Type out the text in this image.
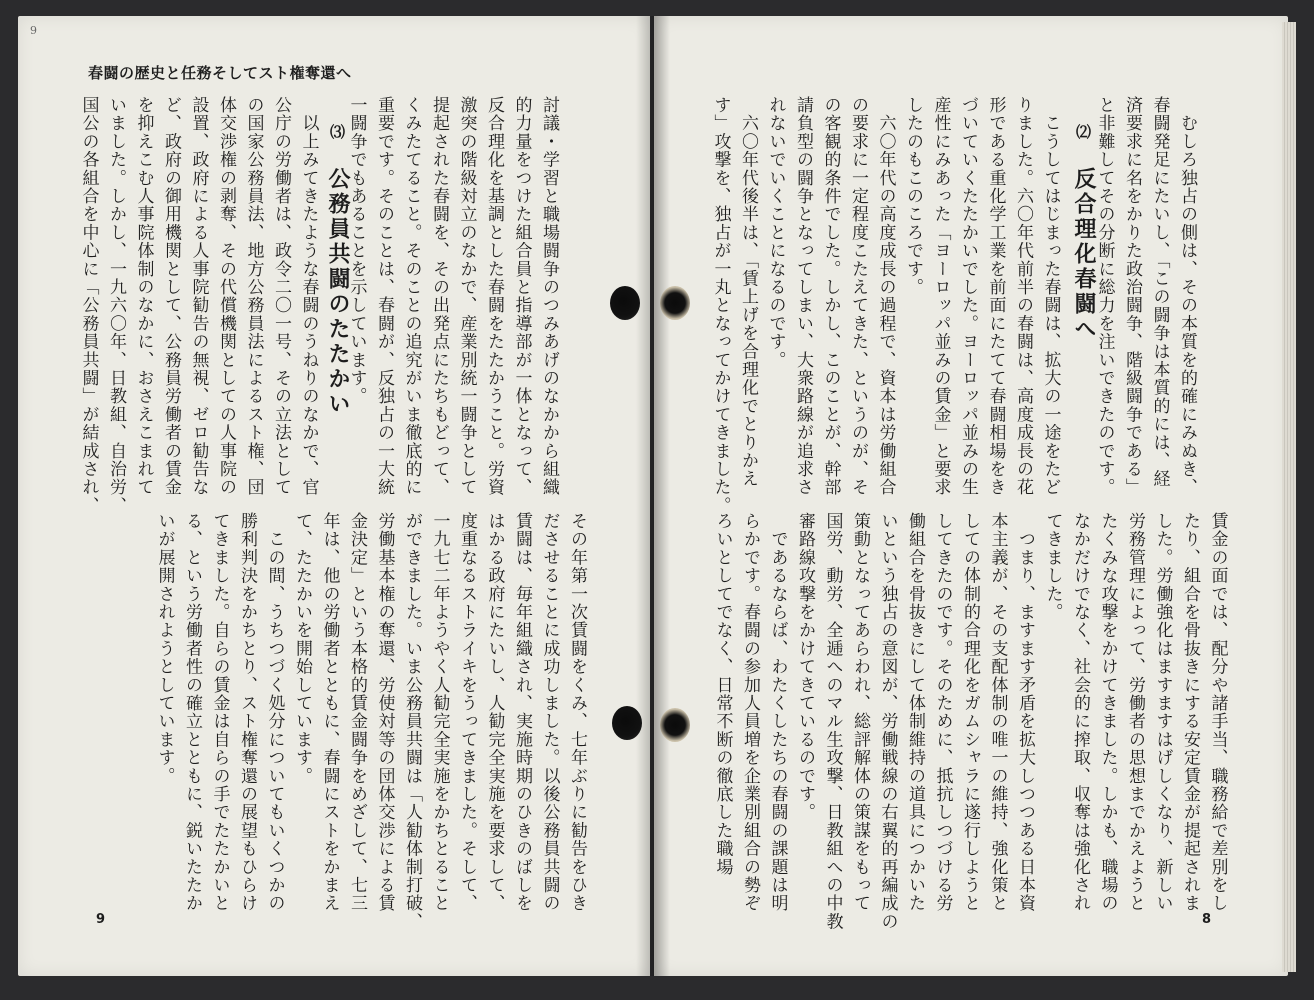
9
春闘の歴史と任務そしてスト権奪還へ
討議・学習と職場闘争のつみあげのなかから組織
的力量をつけた組合員と指導部が一体となって、
反合理化を基調とした春闘をたたかうこと。労資
激突の階級対立のなかで、産業別統一闘争として
提起された春闘を、その出発点にたちもどって、
くみたてること。そのことの追究がいま徹底的に
重要です。そのことは、春闘が、反独占の一大統
一闘争でもあることを示しています。
⑶　公務員共闘のたたかい
　以上みてきたような春闘のうねりのなかで、官
公庁の労働者は、政令二〇一号、その立法として
の国家公務員法、地方公務員法によるスト権、団
体交渉権の剥奪、その代償機関としての人事院の
設置、政府による人事院勧告の無視、ゼロ勧告な
ど、政府の御用機関として、公務員労働者の賃金
を抑えこむ人事院体制のなかに、おさえこまれて
いました。しかし、一九六〇年、日教組、自治労、
国公の各組合を中心に「公務員共闘」が結成され、
その年第一次賃闘をくみ、七年ぶりに勧告をひき
ださせることに成功しました。以後公務員共闘の
賃闘は、毎年組織され、実施時期のひきのばしを
はかる政府にたいし、人勧完全実施を要求して、
度重なるストライキをうってきました。そして、
一九七二年ようやく人勧完全実施をかちとること
ができました。いま公務員共闘は「人勧体制打破、
労働基本権の奪還、労使対等の団体交渉による賃
金決定」という本格的賃金闘争をめざして、七三
年は、他の労働者とともに、春闘にストをかまえ
て、たたかいを開始しています。
　この間、うちつづく処分についてもいくつかの
勝利判決をかちとり、スト権奪還の展望もひらけ
てきました。自らの賃金は自らの手でたたかいと
る、という労働者性の確立とともに、鋭いたたか
いが展開されようとしています。
9
　むしろ独占の側は、その本質を的確にみぬき、
春闘発足にたいし、「この闘争は本質的には、経
済要求に名をかりた政治闘争、階級闘争である」
と非難してその分断に総力を注いできたのです。
⑵　反合理化春闘へ
　こうしてはじまった春闘は、拡大の一途をたど
りました。六〇年代前半の春闘は、高度成長の花
形である重化学工業を前面にたてて春闘相場をき
づいていくたたかいでした。ヨーロッパ並みの生
産性にみあった「ヨーロッパ並みの賃金」と要求
したのもこのころです。
　六〇年代の高度成長の過程で、資本は労働組合
の要求に一定程度こたえてきた、というのが、そ
の客観的条件でした。しかし、このことが、幹部
請負型の闘争となってしまい、大衆路線が追求さ
れないでいくことになるのです。
　六〇年代後半は、「賃上げを合理化でとりかえ
す」攻撃を、独占が一丸となってかけてきました。
賃金の面では、配分や諸手当、職務給で差別をし
たり、組合を骨抜きにする安定賃金が提起されま
した。労働強化はますますはげしくなり、新しい
労務管理によって、労働者の思想までかえようと
たくみな攻撃をかけてきました。しかも、職場の
なかだけでなく、社会的に搾取、収奪は強化され
てきました。
　つまり、ますます矛盾を拡大しつつある日本資
本主義が、その支配体制の唯一の維持、強化策と
しての体制的合理化をガムシャラに遂行しようと
してきたのです。そのために、抵抗しつづける労
働組合を骨抜きにして体制維持の道具につかいた
いという独占の意図が、労働戦線の右翼的再編成の
策動となってあらわれ、総評解体の策謀をもって
国労、動労、全逓へのマル生攻撃、日教組への中教
審路線攻撃をかけてきているのです。
　であるならば、わたくしたちの春闘の課題は明
らかです。春闘の参加人員増を企業別組合の勢ぞ
ろいとしてでなく、日常不断の徹底した職場
8
